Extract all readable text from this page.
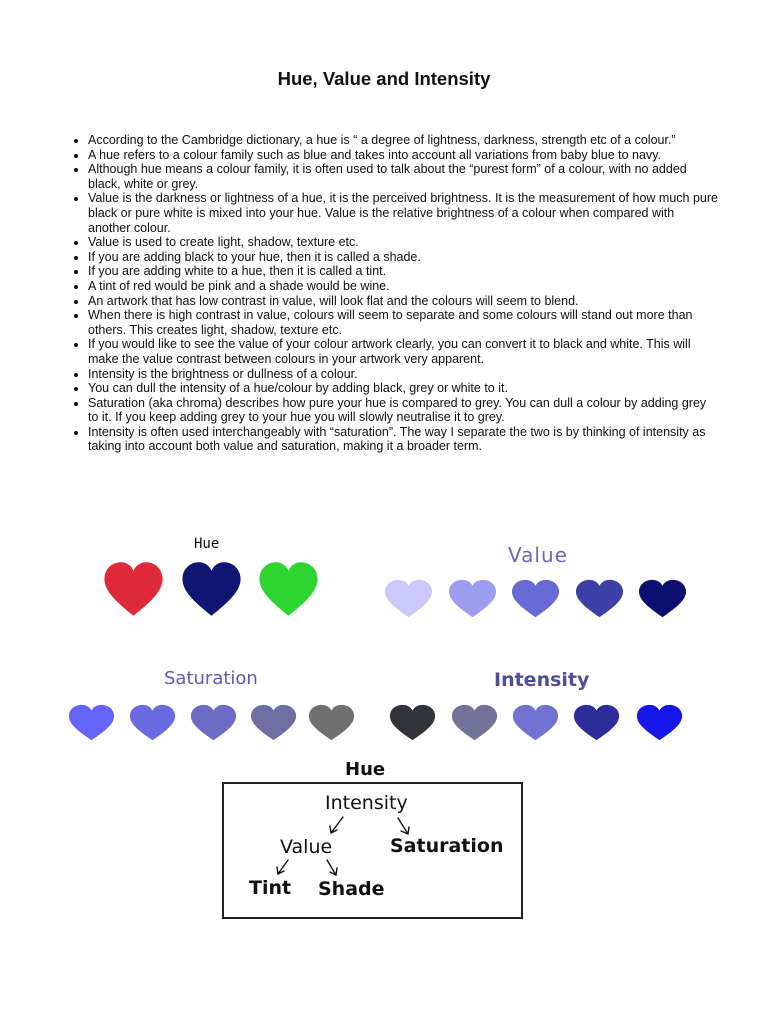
Hue, Value and Intensity
• According to the Cambridge dictionary, a hue is “ a degree of lightness, darkness, strength etc of a colour.”
• A hue refers to a colour family such as blue and takes into account all variations from baby blue to navy.
• Although hue means a colour family, it is often used to talk about the “purest form” of a colour, with no added black, white or grey.
• Value is the darkness or lightness of a hue, it is the perceived brightness. It is the measurement of how much pure black or pure white is mixed into your hue. Value is the relative brightness of a colour when compared with another colour.
• Value is used to create light, shadow, texture etc.
• If you are adding black to your hue, then it is called a shade.
• If you are adding white to a hue, then it is called a tint.
• A tint of red would be pink and a shade would be wine.
• An artwork that has low contrast in value, will look flat and the colours will seem to blend.
• When there is high contrast in value, colours will seem to separate and some colours will stand out more than others. This creates light, shadow, texture etc.
• If you would like to see the value of your colour artwork clearly, you can convert it to black and white. This will make the value contrast between colours in your artwork very apparent.
• Intensity is the brightness or dullness of a colour.
• You can dull the intensity of a hue/colour by adding black, grey or white to it.
• Saturation (aka chroma) describes how pure your hue is compared to grey. You can dull a colour by adding grey to it. If you keep adding grey to your hue you will slowly neutralise it to grey.
• Intensity is often used interchangeably with “saturation”. The way I separate the two is by thinking of intensity as taking into account both value and saturation, making it a broader term.
Hue	Value
Saturation	Intensity
Hue
Intensity
Value	Saturation
Tint Shade
